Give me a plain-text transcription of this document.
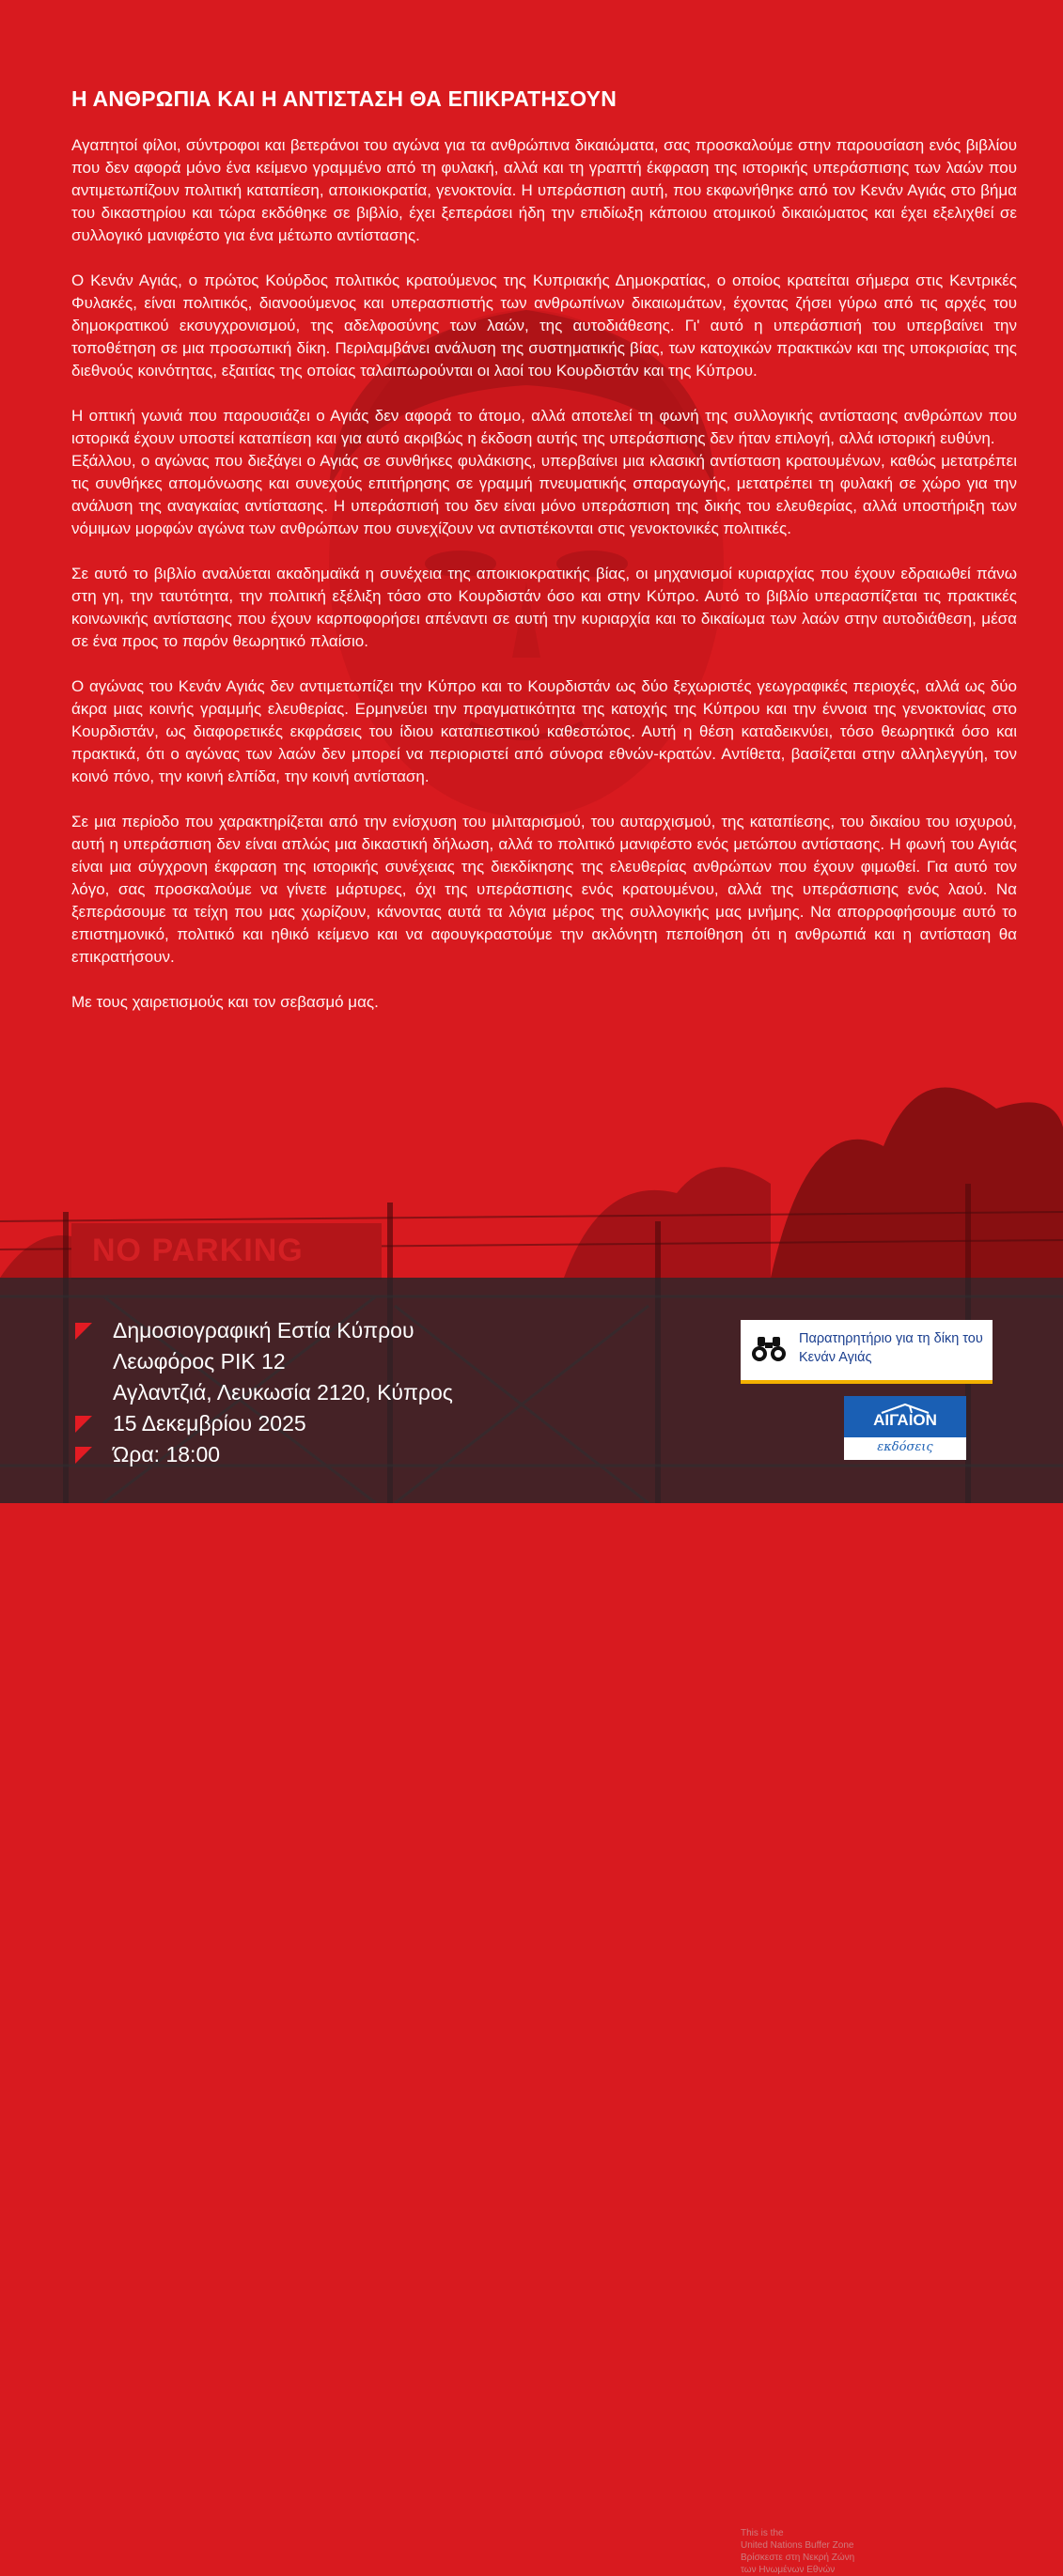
NO PARKING
Η ΑΝΘΡΩΠΙΑ ΚΑΙ Η ΑΝΤΙΣΤΑΣΗ ΘΑ ΕΠΙΚΡΑΤΗΣΟΥΝ

Αγαπητοί φίλοι, σύντροφοι και βετεράνοι του αγώνα για τα ανθρώπινα δικαιώματα, σας προσκαλούμε στην παρουσίαση ενός βιβλίου που δεν αφορά μόνο ένα κείμενο γραμμένο από τη φυλακή, αλλά και τη γραπτή έκφραση της ιστορικής υπεράσπισης των λαών που αντιμετωπίζουν πολιτική καταπίεση, αποικιοκρατία, γενοκτονία. Η υπεράσπιση αυτή, που εκφωνήθηκε από τον Κενάν Αγιάς στο βήμα του δικαστηρίου και τώρα εκδόθηκε σε βιβλίο, έχει ξεπεράσει ήδη την επιδίωξη κάποιου ατομικού δικαιώματος και έχει εξελιχθεί σε συλλογικό μανιφέστο για ένα μέτωπο αντίστασης.

Ο Κενάν Αγιάς, ο πρώτος Κούρδος πολιτικός κρατούμενος της Κυπριακής Δημοκρατίας, ο οποίος κρατείται σήμερα στις Κεντρικές Φυλακές, είναι πολιτικός, διανοούμενος και υπερασπιστής των ανθρωπίνων δικαιωμάτων, έχοντας ζήσει γύρω από τις αρχές του δημοκρατικού εκσυγχρονισμού, της αδελφοσύνης των λαών, της αυτοδιάθεσης. Γι' αυτό η υπεράσπισή του υπερβαίνει την τοποθέτηση σε μια προσωπική δίκη. Περιλαμβάνει ανάλυση της συστηματικής βίας, των κατοχικών πρακτικών και της υποκρισίας της διεθνούς κοινότητας, εξαιτίας της οποίας ταλαιπωρούνται οι λαοί του Κουρδιστάν και της Κύπρου.

Η οπτική γωνιά που παρουσιάζει ο Αγιάς δεν αφορά το άτομο, αλλά αποτελεί τη φωνή της συλλογικής αντίστασης ανθρώπων που ιστορικά έχουν υποστεί καταπίεση και για αυτό ακριβώς η έκδοση αυτής της υπεράσπισης δεν ήταν επιλογή, αλλά ιστορική ευθύνη.

Εξάλλου, ο αγώνας που διεξάγει ο Αγιάς σε συνθήκες φυλάκισης, υπερβαίνει μια κλασική αντίσταση κρατουμένων, καθώς μετατρέπει τις συνθήκες απομόνωσης και συνεχούς επιτήρησης σε γραμμή πνευματικής σπαραγωγής, μετατρέπει τη φυλακή σε χώρο για την ανάλυση της αναγκαίας αντίστασης. Η υπεράσπισή του δεν είναι μόνο υπεράσπιση της δικής του ελευθερίας, αλλά υποστήριξη των νόμιμων μορφών αγώνα των ανθρώπων που συνεχίζουν να αντιστέκονται στις γενοκτονικές πολιτικές.

Σε αυτό το βιβλίο αναλύεται ακαδημαϊκά η συνέχεια της αποικιοκρατικής βίας, οι μηχανισμοί κυριαρχίας που έχουν εδραιωθεί πάνω στη γη, την ταυτότητα, την πολιτική εξέλιξη τόσο στο Κουρδιστάν όσο και στην Κύπρο. Αυτό το βιβλίο υπερασπίζεται τις πρακτικές κοινωνικής αντίστασης που έχουν καρποφορήσει απέναντι σε αυτή την κυριαρχία και το δικαίωμα των λαών στην αυτοδιάθεση, μέσα σε ένα προς το παρόν θεωρητικό πλαίσιο.

Ο αγώνας του Κενάν Αγιάς δεν αντιμετωπίζει την Κύπρο και το Κουρδιστάν ως δύο ξεχωριστές γεωγραφικές περιοχές, αλλά ως δύο άκρα μιας κοινής γραμμής ελευθερίας. Ερμηνεύει την πραγματικότητα της κατοχής της Κύπρου και την έννοια της γενοκτονίας στο Κουρδιστάν, ως διαφορετικές εκφράσεις του ίδιου καταπιεστικού καθεστώτος. Αυτή η θέση καταδεικνύει, τόσο θεωρητικά όσο και πρακτικά, ότι ο αγώνας των λαών δεν μπορεί να περιοριστεί από σύνορα εθνών-κρατών. Αντίθετα, βασίζεται στην αλληλεγγύη, τον κοινό πόνο, την κοινή ελπίδα, την κοινή αντίσταση.

Σε μια περίοδο που χαρακτηρίζεται από την ενίσχυση του μιλιταρισμού, του αυταρχισμού, της καταπίεσης, του δικαίου του ισχυρού, αυτή η υπεράσπιση δεν είναι απλώς μια δικαστική δήλωση, αλλά το πολιτικό μανιφέστο ενός μετώπου αντίστασης. Η φωνή του Αγιάς είναι μια σύγχρονη έκφραση της ιστορικής συνέχειας της διεκδίκησης της ελευθερίας ανθρώπων που έχουν φιμωθεί. Για αυτό τον λόγο, σας προσκαλούμε να γίνετε μάρτυρες, όχι της υπεράσπισης ενός κρατουμένου, αλλά της υπεράσπισης ενός λαού. Να ξεπεράσουμε τα τείχη που μας χωρίζουν, κάνοντας αυτά τα λόγια μέρος της συλλογικής μας μνήμης. Να απορροφήσουμε αυτό το επιστημονικό, πολιτικό και ηθικό κείμενο και να αφουγκραστούμε την ακλόνητη πεποίθηση ότι η ανθρωπιά και η αντίσταση θα επικρατήσουν.

Με τους χαιρετισμούς και τον σεβασμό μας.

This is the
United Nations Buffer Zone
Βρίσκεστε στη Νεκρή Ζώνη
των Ηνωμένων Εθνών
Δημοσιογραφική Εστία Κύπρου
Λεωφόρος ΡΙΚ 12
Αγλαντζιά, Λευκωσία 2120, Κύπρος
15 Δεκεμβρίου 2025
Ώρα: 18:00
Παρατηρητήριο για τη δίκη του Κενάν Αγιάς
ΑΙΓΑΙΟΝ
εκδόσεις
